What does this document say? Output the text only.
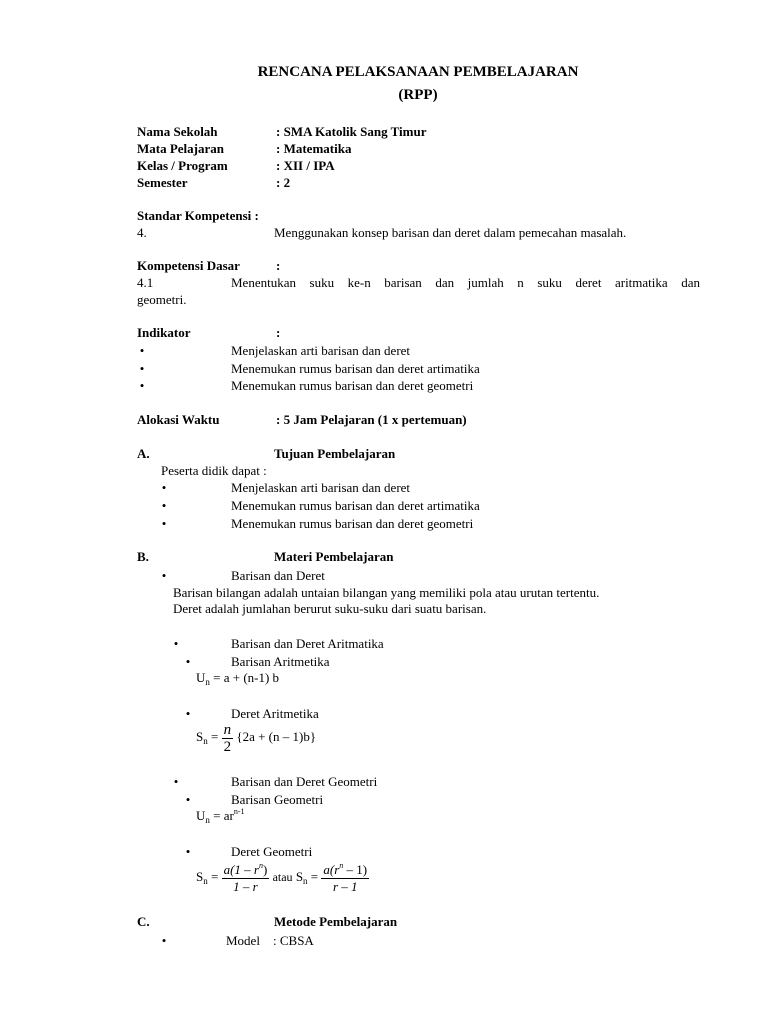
RENCANA PELAKSANAAN PEMBELAJARAN
(RPP)
Nama Sekolah	: SMA Katolik Sang Timur
Mata Pelajaran	: Matematika
Kelas / Program	: XII / IPA
Semester	: 2
Standar Kompetensi :
4.	Menggunakan konsep barisan dan deret dalam pemecahan masalah.
Kompetensi Dasar	:
4.1	Menentukan suku ke-n barisan dan jumlah n suku deret aritmatika dan
geometri.
Indikator	:
•	Menjelaskan arti barisan dan deret
•	Menemukan rumus barisan dan deret artimatika
•	Menemukan rumus barisan dan deret geometri
Alokasi Waktu	: 5 Jam Pelajaran (1 x pertemuan)
A.	Tujuan Pembelajaran
Peserta didik dapat :
•	Menjelaskan arti barisan dan deret
•	Menemukan rumus barisan dan deret artimatika
•	Menemukan rumus barisan dan deret geometri
B.	Materi Pembelajaran
•	Barisan dan Deret
Barisan bilangan adalah untaian bilangan yang memiliki pola atau urutan tertentu.
Deret adalah jumlahan berurut suku-suku dari suatu barisan.
•	Barisan dan Deret Aritmatika
•	Barisan Aritmetika
$U_n = a + (n-1)$ b
•	Deret Aritmetika
$S_n = \frac{n}{2} \{2a + (n - 1)b\}$
•	Barisan dan Deret Geometri
•	Barisan Geometri
$U_n = ar^{n-1}$
•	Deret Geometri
$S_n = \frac{a(1 - r^n)}{1 - r}$ atau $S_n = \frac{a(r^n - 1)}{r - 1}$
C.	Metode Pembelajaran
•	Model : CBSA
